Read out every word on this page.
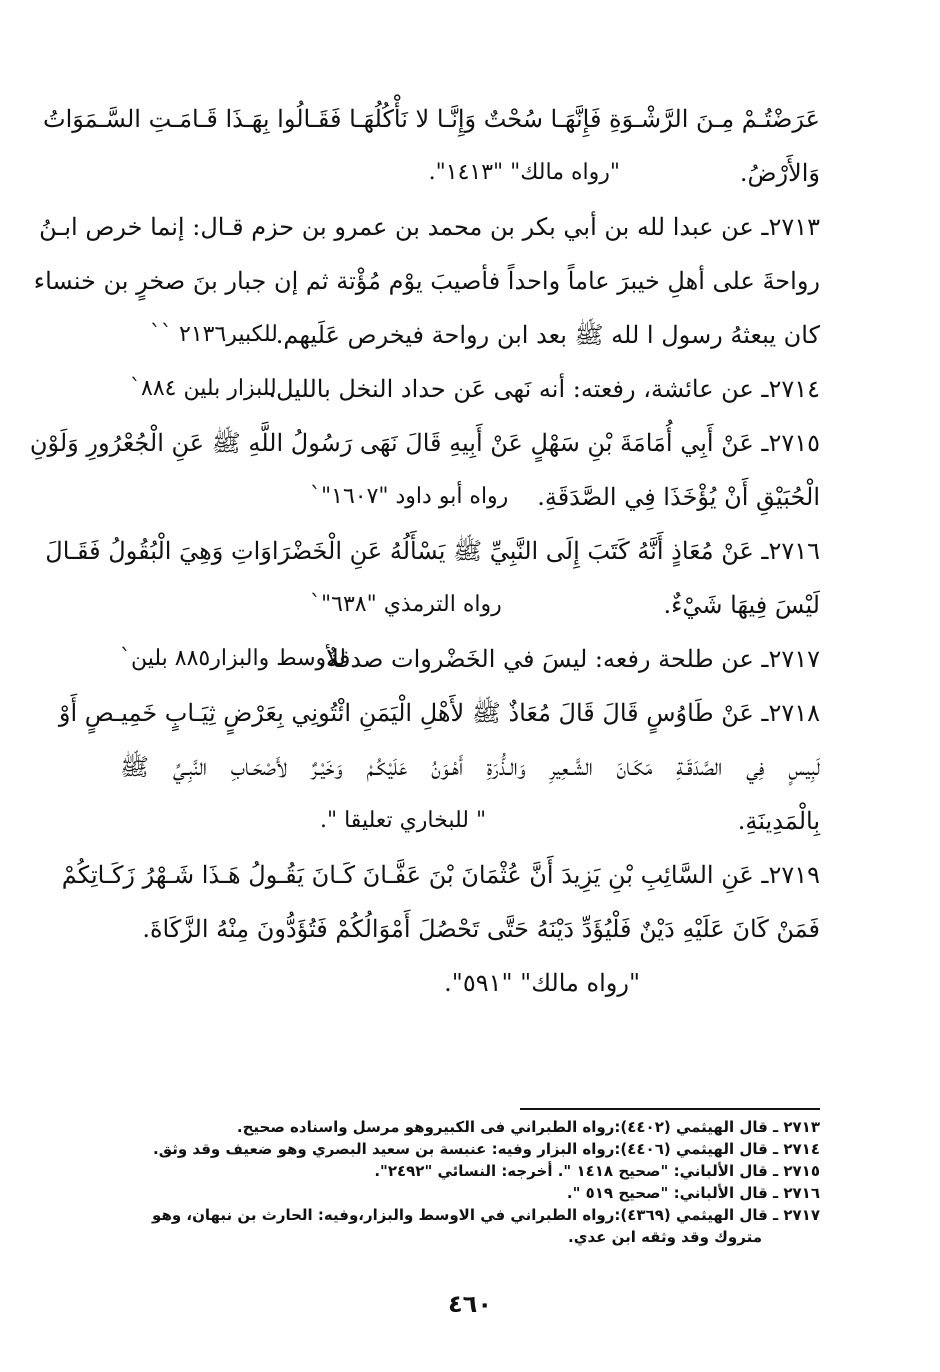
عَرَضْتُـمْ مِـنَ الرَّشْـوَةِ فَإِنَّهَـا سُحْتٌ وَإِنَّـا لا نَأْكُلُهَـا فَقَـالُوا بِهَـذَا قَـامَـتِ السَّـمَوَاتُ
وَالأَرْضُ.
"رواه مالك" "١٤١٣".
٢٧١٣ـ عن عبدا لله بن أبي بكر بن محمد بن عمرو بن حزم قـال: إنما خرص ابـنُ
رواحةَ على أهلِ خيبرَ عاماً واحداً فأصيبَ يوْم مُؤْتة ثم إن جبار بنَ صخرٍ بن خنساء
كان يبعثهُ رسول ا لله ﷺ بعد ابن رواحة فيخرص عَلَيهم.
للكبير٢١٣٦ ``
٢٧١٤ـ عن عائشة، رفعته: أنه نَهى عَن حداد النخل بالليل.
للبزار بلين ٨٨٤`
٢٧١٥ـ عَنْ أَبِي أُمَامَةَ بْنِ سَهْلٍ عَنْ أَبِيهِ قَالَ نَهَى رَسُولُ اللَّهِ ﷺ عَنِ الْجُعْرُورِ وَلَوْنِ
الْحُبَيْقِ أَنْ يُؤْخَذَا فِي الصَّدَقَةِ.
رواه أبو داود "١٦٠٧"`
٢٧١٦ـ عَنْ مُعَاذٍ أَنَّهُ كَتَبَ إِلَى النَّبِيِّ ﷺ يَسْأَلُهُ عَنِ الْخَضْرَاوَاتِ وَهِيَ الْبُقُولُ فَقَـالَ
لَيْسَ فِيهَا شَيْءٌ.
رواه الترمذي "٦٣٨"`
٢٧١٧ـ عن طلحة رفعه: ليسَ في الخَضْروات صدقةٌ.
للأوسط والبزار٨٨٥ بلين`
٢٧١٨ـ عَنْ طَاوُسٍ قَالَ قَالَ مُعَاذٌ ﷺ لأَهْلِ الْيَمَنِ ائْتُونِي بِعَرْضٍ ثِيَـابٍ خَمِيـصٍ أَوْ
لَبِيسٍ فِي الصَّدَقَـةِ مَكَـانَ الشَّـعِيرِ وَالـذُّرَةِ أَهْـوَنُ عَلَيْكُـمْ وَخَيْـرٌ لأَصْحَـابِ النَّبِـيِّ ﷺ
بِالْمَدِينَةِ.
" للبخاري تعليقا ".
٢٧١٩ـ عَنِ السَّائِبِ بْنِ يَزِيدَ أَنَّ عُثْمَانَ بْنَ عَفَّـانَ كَـانَ يَقُـولُ هَـذَا شَـهْرُ زَكَـاتِكُمْ
فَمَنْ كَانَ عَلَيْهِ دَيْنٌ فَلْيُؤَدِّ دَيْنَهُ حَتَّى تَحْصُلَ أَمْوَالُكُمْ فَتُؤَدُّونَ مِنْهُ الزَّكَاةَ.
"رواه مالك" "٥٩١".
٢٧١٣ ـ قال الهيثمي (٤٤٠٢):رواه الطبراني فى الكبيروهو مرسل واسناده صحيح.
٢٧١٤ ـ قال الهيثمي (٤٤٠٦):رواه البزار وفيه: عنبسة بن سعيد البصري وهو ضعيف وقد وثق.
٢٧١٥ ـ قال الألباني: "صحيح ١٤١٨ ". أخرجه: النسائي "٢٤٩٢".
٢٧١٦ ـ قال الألباني: "صحيح ٥١٩ ".
٢٧١٧ ـ قال الهيثمي (٤٣٦٩):رواه الطبراني في الاوسط والبزار،وفيه: الحارث بن نبهان، وهو
متروك وقد وثقه ابن عدي.
٤٦٠
